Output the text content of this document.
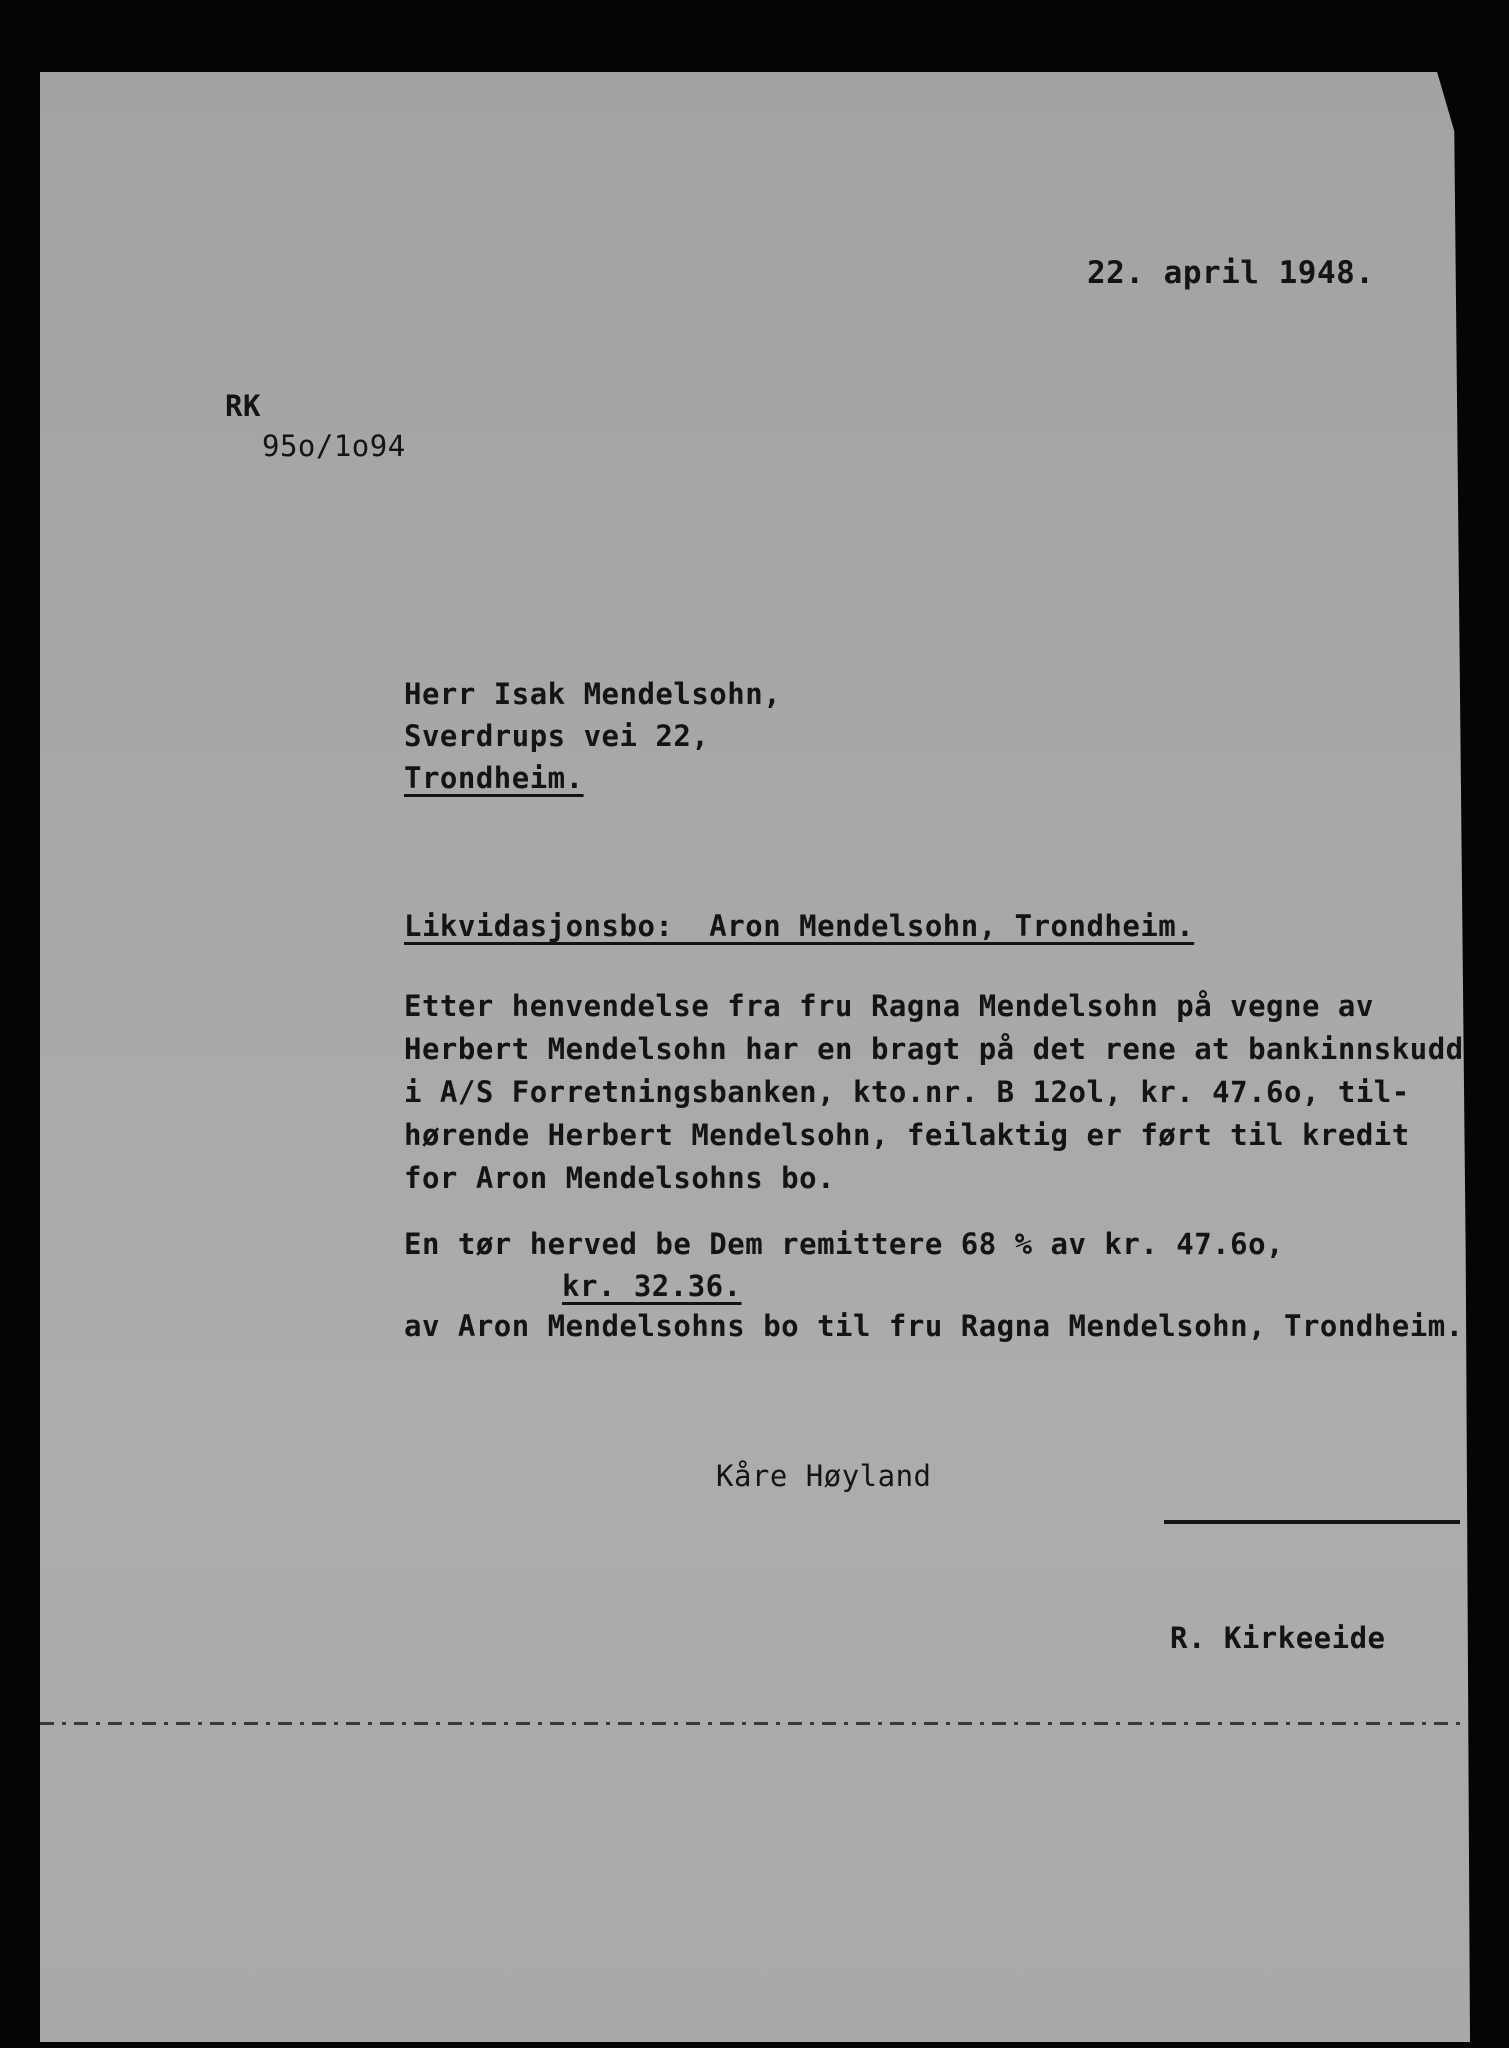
22. april 1948.
RK
95o/1o94
Herr Isak Mendelsohn,
Sverdrups vei 22,
Trondheim.
Likvidasjonsbo:  Aron Mendelsohn, Trondheim.
Etter henvendelse fra fru Ragna Mendelsohn på vegne av
Herbert Mendelsohn har en bragt på det rene at bankinnskudd
i A/S Forretningsbanken, kto.nr. B 12ol, kr. 47.6o, til-
hørende Herbert Mendelsohn, feilaktig er ført til kredit
for Aron Mendelsohns bo.
En tør herved be Dem remittere 68 % av kr. 47.6o,
kr. 32.36.
av Aron Mendelsohns bo til fru Ragna Mendelsohn, Trondheim.
Kåre Høyland
R. Kirkeeide
